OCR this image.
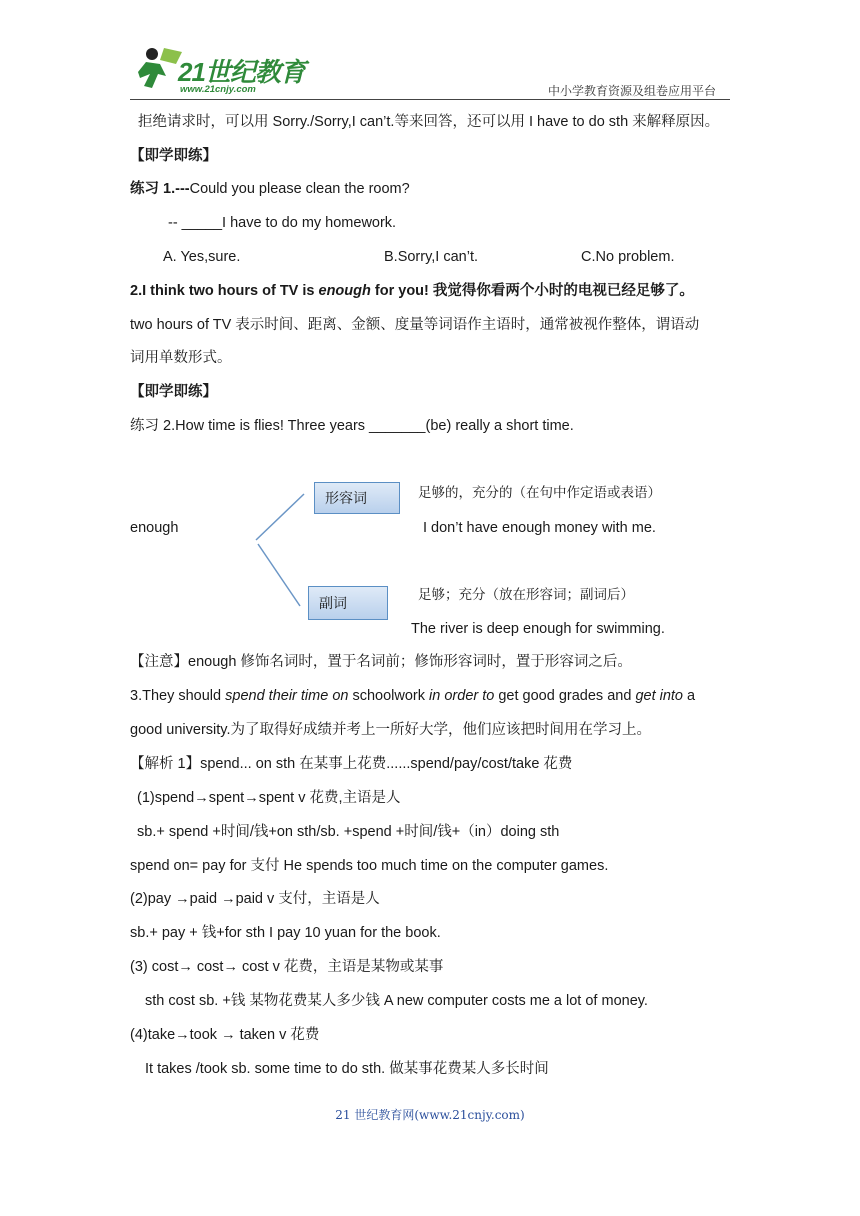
21世纪教育
www.21cnjy.com	中小学教育资源及组卷应用平台
拒绝请求时，可以用 Sorry./Sorry,I can’t.等来回答，还可以用 I have to do sth 来解释原因。
【即学即练】
练习 1.---Could you please clean the room?
-- _____I have to do my homework.
A. Yes,sure.	B.Sorry,I can’t.	C.No problem.
2.I think two hours of TV is enough for you! 我觉得你看两个小时的电视已经足够了。
two hours of TV 表示时间、距离、金额、度量等词语作主语时，通常被视作整体，谓语动
词用单数形式。
【即学即练】
练习 2.How time is flies! Three years _______(be) really a short time.
enough
形容词
副词
足够的，充分的（在句中作定语或表语）
I don’t have enough money with me.
足够；充分（放在形容词；副词后）
The river is deep enough for swimming.
【注意】enough 修饰名词时，置于名词前；修饰形容词时，置于形容词之后。
3.They should spend their time on schoolwork in order to get good grades and get into a
good university.为了取得好成绩并考上一所好大学，他们应该把时间用在学习上。
【解析 1】spend... on sth 在某事上花费......spend/pay/cost/take 花费
(1)spend→spent→spent v 花费,主语是人
sb.+ spend +时间/钱+on sth/sb. +spend +时间/钱+（in）doing sth
spend on= pay for 支付 He spends too much time on the computer games.
(2)pay →paid →paid v 支付，主语是人
sb.+ pay + 钱+for sth I pay 10 yuan for the book.
(3) cost→ cost→ cost v 花费，主语是某物或某事
sth cost sb. +钱 某物花费某人多少钱 A new computer costs me a lot of money.
(4)take→took → taken v 花费
It takes /took sb. some time to do sth. 做某事花费某人多长时间
21 世纪教育网(www.21cnjy.com)
